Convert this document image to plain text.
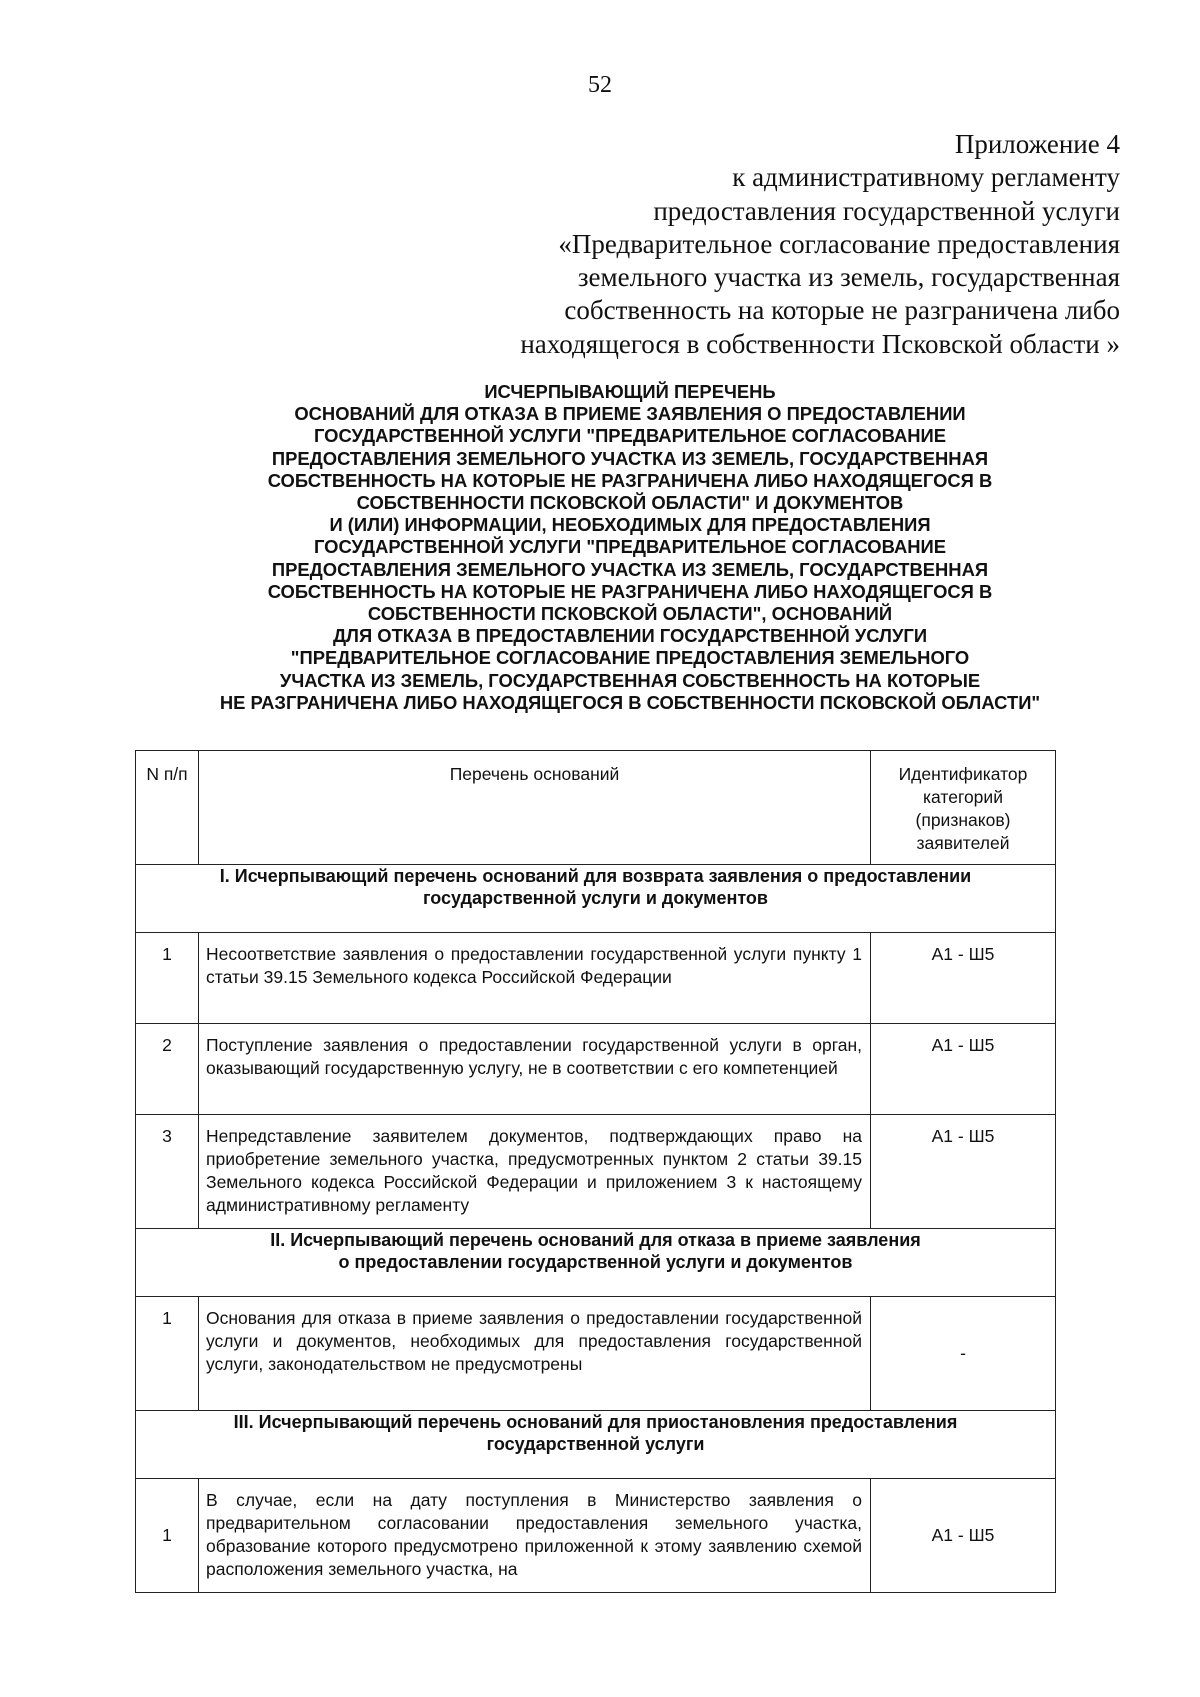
52
Приложение 4
к административному регламенту
предоставления государственной услуги
«Предварительное согласование предоставления
земельного участка из земель, государственная
собственность на которые не разграничена либо
находящегося в собственности Псковской области »
ИСЧЕРПЫВАЮЩИЙ ПЕРЕЧЕНЬ
ОСНОВАНИЙ ДЛЯ ОТКАЗА В ПРИЕМЕ ЗАЯВЛЕНИЯ О ПРЕДОСТАВЛЕНИИ
ГОСУДАРСТВЕННОЙ УСЛУГИ "ПРЕДВАРИТЕЛЬНОЕ СОГЛАСОВАНИЕ
ПРЕДОСТАВЛЕНИЯ ЗЕМЕЛЬНОГО УЧАСТКА ИЗ ЗЕМЕЛЬ, ГОСУДАРСТВЕННАЯ
СОБСТВЕННОСТЬ НА КОТОРЫЕ НЕ РАЗГРАНИЧЕНА ЛИБО НАХОДЯЩЕГОСЯ В
СОБСТВЕННОСТИ ПСКОВСКОЙ ОБЛАСТИ" И ДОКУМЕНТОВ
И (ИЛИ) ИНФОРМАЦИИ, НЕОБХОДИМЫХ ДЛЯ ПРЕДОСТАВЛЕНИЯ
ГОСУДАРСТВЕННОЙ УСЛУГИ "ПРЕДВАРИТЕЛЬНОЕ СОГЛАСОВАНИЕ
ПРЕДОСТАВЛЕНИЯ ЗЕМЕЛЬНОГО УЧАСТКА ИЗ ЗЕМЕЛЬ, ГОСУДАРСТВЕННАЯ
СОБСТВЕННОСТЬ НА КОТОРЫЕ НЕ РАЗГРАНИЧЕНА ЛИБО НАХОДЯЩЕГОСЯ В
СОБСТВЕННОСТИ ПСКОВСКОЙ ОБЛАСТИ", ОСНОВАНИЙ
ДЛЯ ОТКАЗА В ПРЕДОСТАВЛЕНИИ ГОСУДАРСТВЕННОЙ УСЛУГИ
"ПРЕДВАРИТЕЛЬНОЕ СОГЛАСОВАНИЕ ПРЕДОСТАВЛЕНИЯ ЗЕМЕЛЬНОГО
УЧАСТКА ИЗ ЗЕМЕЛЬ, ГОСУДАРСТВЕННАЯ СОБСТВЕННОСТЬ НА КОТОРЫЕ
НЕ РАЗГРАНИЧЕНА ЛИБО НАХОДЯЩЕГОСЯ В СОБСТВЕННОСТИ ПСКОВСКОЙ ОБЛАСТИ"
N п/п	Перечень оснований	Идентификатор
категорий
(признаков)
заявителей

I. Исчерпывающий перечень оснований для возврата заявления о предоставлении
государственной услуги и документов		

1	Несоответствие заявления о предоставлении государственной услуги пункту 1 статьи 39.15 Земельного кодекса Российской Федерации	А1 - Ш5
2	Поступление заявления о предоставлении государственной услуги в орган, оказывающий государственную услугу, не в соответствии с его компетенцией	А1 - Ш5
3	Непредставление заявителем документов, подтверждающих право на приобретение земельного участка, предусмотренных пунктом 2 статьи 39.15 Земельного кодекса Российской Федерации и приложением 3 к настоящему административному регламенту	А1 - Ш5

II. Исчерпывающий перечень оснований для отказа в приеме заявления
о предоставлении государственной услуги и документов		

1	Основания для отказа в приеме заявления о предоставлении государственной услуги и документов, необходимых для предоставления государственной услуги, законодательством не предусмотрены	-

III. Исчерпывающий перечень оснований для приостановления предоставления
государственной услуги		

1	В случае, если на дату поступления в Министерство заявления о предварительном согласовании предоставления земельного участка, образование которого предусмотрено приложенной к этому заявлению схемой расположения земельного участка, на	А1 - Ш5
